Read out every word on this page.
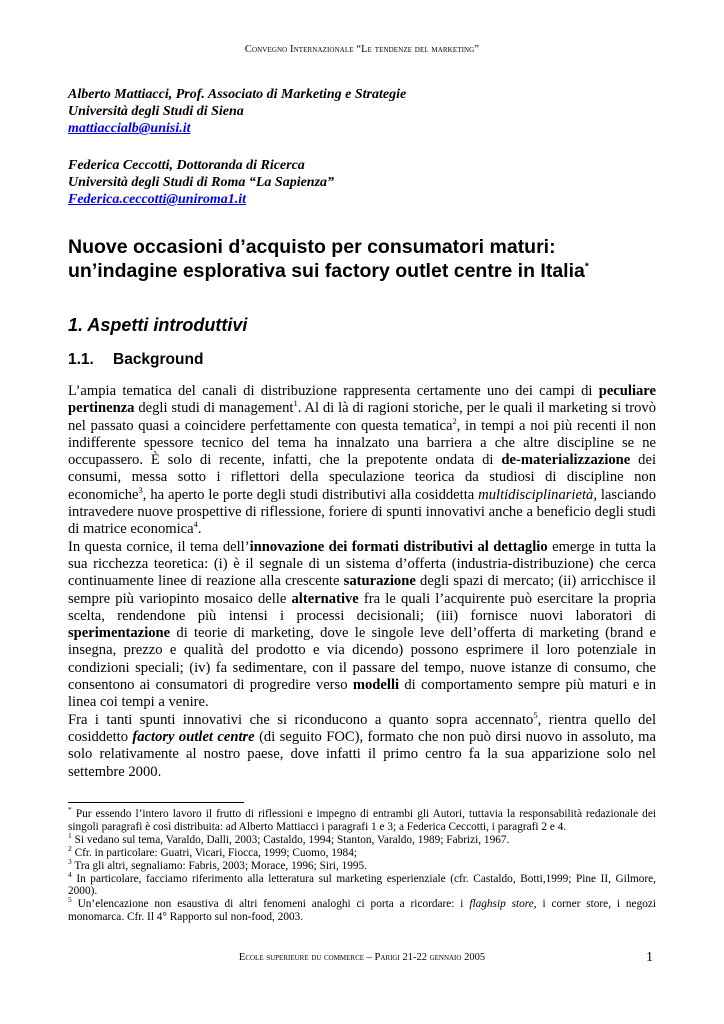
Convegno Internazionale “Le tendenze del marketing”
Alberto Mattiacci, Prof. Associato di Marketing e Strategie
Università degli Studi di Siena
mattiaccialb@unisi.it
Federica Ceccotti, Dottoranda di Ricerca
Università degli Studi di Roma “La Sapienza”
Federica.ceccotti@uniroma1.it
Nuove occasioni d’acquisto per consumatori maturi:
un’indagine esplorativa sui factory outlet centre in Italia*
1. Aspetti introduttivi
1.1. Background

L’ampia tematica del canali di distribuzione rappresenta certamente uno dei campi di peculiare pertinenza degli studi di management$^1$. Al di là di ragioni storiche, per le quali il marketing si trovò nel passato quasi a coincidere perfettamente con questa tematica$^2$, in tempi a noi più recenti il non indifferente spessore tecnico del tema ha innalzato una barriera a che altre discipline se ne occupassero. È solo di recente, infatti, che la prepotente ondata di de-materializzazione dei consumi, messa sotto i riflettori della speculazione teorica da studiosi di discipline non economiche$^3$, ha aperto le porte degli studi distributivi alla cosiddetta multidisciplinarietà, lasciando intravedere nuove prospettive di riflessione, foriere di spunti innovativi anche a beneficio degli studi di matrice economica$^4$.

In questa cornice, il tema dell’innovazione dei formati distributivi al dettaglio emerge in tutta la sua ricchezza teoretica: (i) è il segnale di un sistema d’offerta (industria-distribuzione) che cerca continuamente linee di reazione alla crescente saturazione degli spazi di mercato; (ii) arricchisce il sempre più variopinto mosaico delle alternative fra le quali l’acquirente può esercitare la propria scelta, rendendone più intensi i processi decisionali; (iii) fornisce nuovi laboratori di sperimentazione di teorie di marketing, dove le singole leve dell’offerta di marketing (brand e insegna, prezzo e qualità del prodotto e via dicendo) possono esprimere il loro potenziale in condizioni speciali; (iv) fa sedimentare, con il passare del tempo, nuove istanze di consumo, che consentono ai consumatori di progredire verso modelli di comportamento sempre più maturi e in linea coi tempi a venire.

Fra i tanti spunti innovativi che si riconducono a quanto sopra accennato$^5$, rientra quello del cosiddetto factory outlet centre (di seguito FOC), formato che non può dirsi nuovo in assoluto, ma solo relativamente al nostro paese, dove infatti il primo centro fa la sua apparizione solo nel settembre 2000.

* Pur essendo l’intero lavoro il frutto di riflessioni e impegno di entrambi gli Autori, tuttavia la responsabilità redazionale dei singoli paragrafi è così distribuita: ad Alberto Mattiacci i paragrafi 1 e 3; a Federica Ceccotti, i paragrafi 2 e 4.

$^1$ Si vedano sul tema, Varaldo, Dalli, 2003; Castaldo, 1994; Stanton, Varaldo, 1989; Fabrizi, 1967.

$^2$ Cfr. in particolare: Guatri, Vicari, Fiocca, 1999; Cuomo, 1984;

$^3$ Tra gli altri, segnaliamo: Fabris, 2003; Morace, 1996; Siri, 1995.

$^4$ In particolare, facciamo riferimento alla letteratura sul marketing esperienziale (cfr. Castaldo, Botti,1999; Pine II, Gilmore, 2000).

$^5$ Un’elencazione non esaustiva di altri fenomeni analoghi ci porta a ricordare: i flaghsip store, i corner store, i negozi monomarca. Cfr. Il 4° Rapporto sul non-food, 2003.

Ecole superieure du commerce – Parigi 21-22 gennaio 2005	1
